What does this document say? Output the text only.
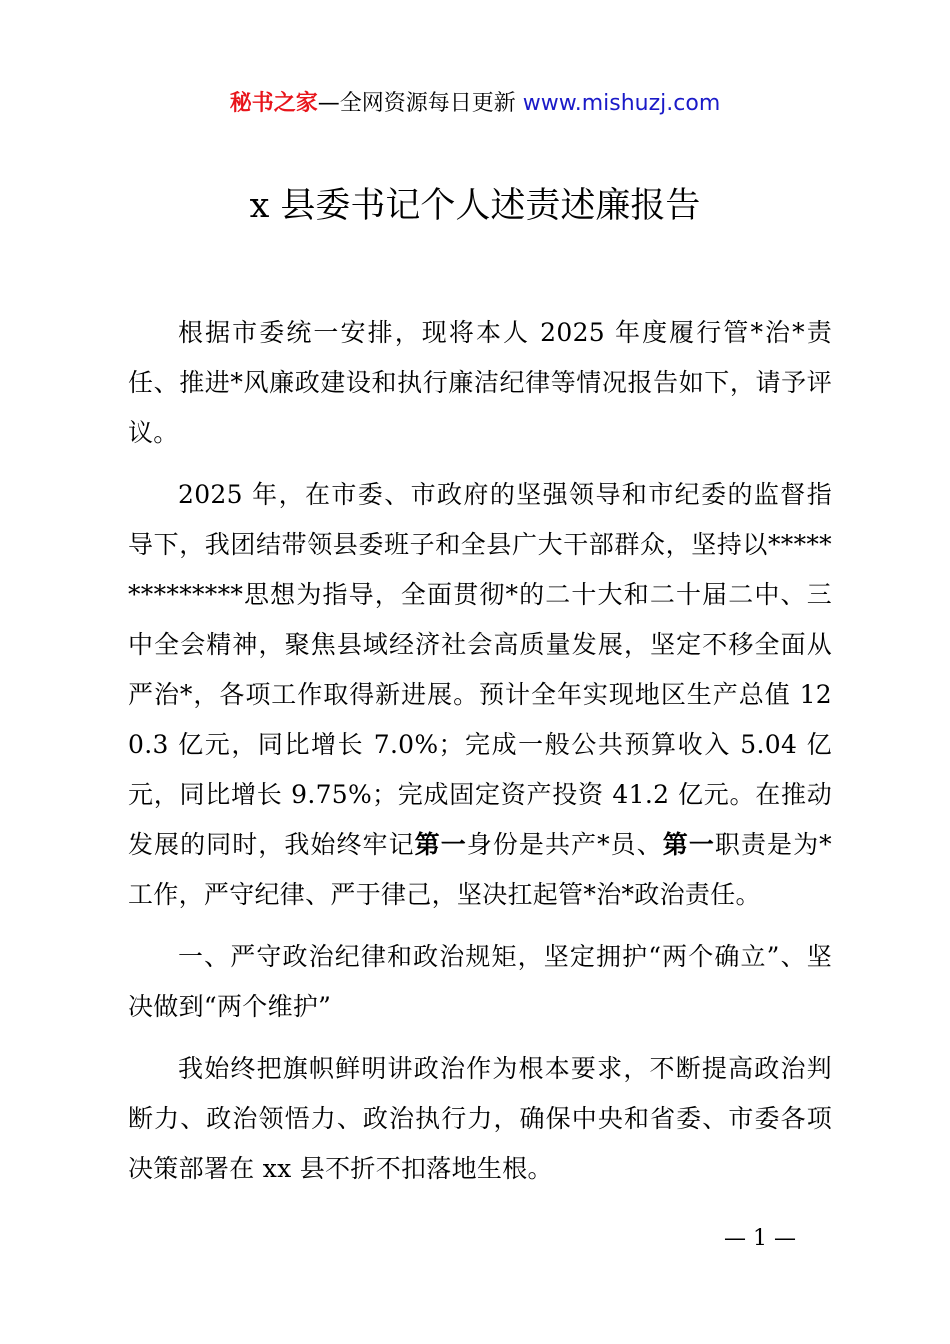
秘书之家—全网资源每日更新 www.mishuzj.com
x 县委书记个人述责述廉报告

根据市委统一安排，现将本人 2025 年度履行管*治*责任、推进*风廉政建设和执行廉洁纪律等情况报告如下，请予评议。

2025 年，在市委、市政府的坚强领导和市纪委的监督指导下，我团结带领县委班子和全县广大干部群众，坚持以**************思想为指导，全面贯彻*的二十大和二十届二中、三中全会精神，聚焦县域经济社会高质量发展，坚定不移全面从严治*，各项工作取得新进展。预计全年实现地区生产总值 120.3 亿元，同比增长 7.0%；完成一般公共预算收入 5.04 亿元，同比增长 9.75%；完成固定资产投资 41.2 亿元。在推动发展的同时，我始终牢记第一身份是共产*员、第一职责是为*工作，严守纪律、严于律己，坚决扛起管*治*政治责任。

一、严守政治纪律和政治规矩，坚定拥护“两个确立”、坚决做到“两个维护”

我始终把旗帜鲜明讲政治作为根本要求，不断提高政治判断力、政治领悟力、政治执行力，确保中央和省委、市委各项决策部署在 xx 县不折不扣落地生根。

— 1 —
